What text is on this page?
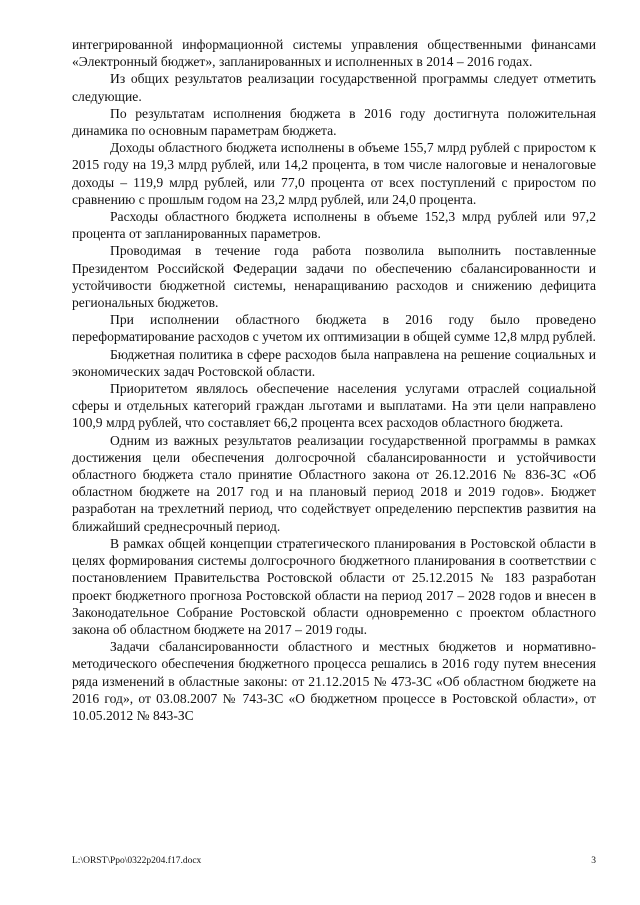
интегрированной информационной системы управления общественными финансами «Электронный бюджет», запланированных и исполненных в 2014 – 2016 годах.

Из общих результатов реализации государственной программы следует отметить следующие.

По результатам исполнения бюджета в 2016 году достигнута положительная динамика по основным параметрам бюджета.

Доходы областного бюджета исполнены в объеме 155,7 млрд рублей с приростом к 2015 году на 19,3 млрд рублей, или 14,2 процента, в том числе налоговые и неналоговые доходы – 119,9 млрд рублей, или 77,0 процента от всех поступлений с приростом по сравнению с прошлым годом на 23,2 млрд рублей, или 24,0 процента.

Расходы областного бюджета исполнены в объеме 152,3 млрд рублей или 97,2 процента от запланированных параметров.

Проводимая в течение года работа позволила выполнить поставленные Президентом Российской Федерации задачи по обеспечению сбалансированности и устойчивости бюджетной системы, ненаращиванию расходов и снижению дефицита региональных бюджетов.

При исполнении областного бюджета в 2016 году было проведено переформатирование расходов с учетом их оптимизации в общей сумме 12,8 млрд рублей.

Бюджетная политика в сфере расходов была направлена на решение социальных и экономических задач Ростовской области.

Приоритетом являлось обеспечение населения услугами отраслей социальной сферы и отдельных категорий граждан льготами и выплатами. На эти цели направлено 100,9 млрд рублей, что составляет 66,2 процента всех расходов областного бюджета.

Одним из важных результатов реализации государственной программы в рамках достижения цели обеспечения долгосрочной сбалансированности и устойчивости областного бюджета стало принятие Областного закона от 26.12.2016 № 836-ЗС «Об областном бюджете на 2017 год и на плановый период 2018 и 2019 годов». Бюджет разработан на трехлетний период, что содействует определению перспектив развития на ближайший среднесрочный период.

В рамках общей концепции стратегического планирования в Ростовской области в целях формирования системы долгосрочного бюджетного планирования в соответствии с постановлением Правительства Ростовской области от 25.12.2015 № 183 разработан проект бюджетного прогноза Ростовской области на период 2017 – 2028 годов и внесен в Законодательное Собрание Ростовской области одновременно с проектом областного закона об областном бюджете на 2017 – 2019 годы.

Задачи сбалансированности областного и местных бюджетов и нормативно-методического обеспечения бюджетного процесса решались в 2016 году путем внесения ряда изменений в областные законы: от 21.12.2015 № 473-ЗС «Об областном бюджете на 2016 год», от 03.08.2007 № 743-ЗС «О бюджетном процессе в Ростовской области», от 10.05.2012 № 843-ЗС

L:\ORST\Ppo\0322p204.f17.docx	3
